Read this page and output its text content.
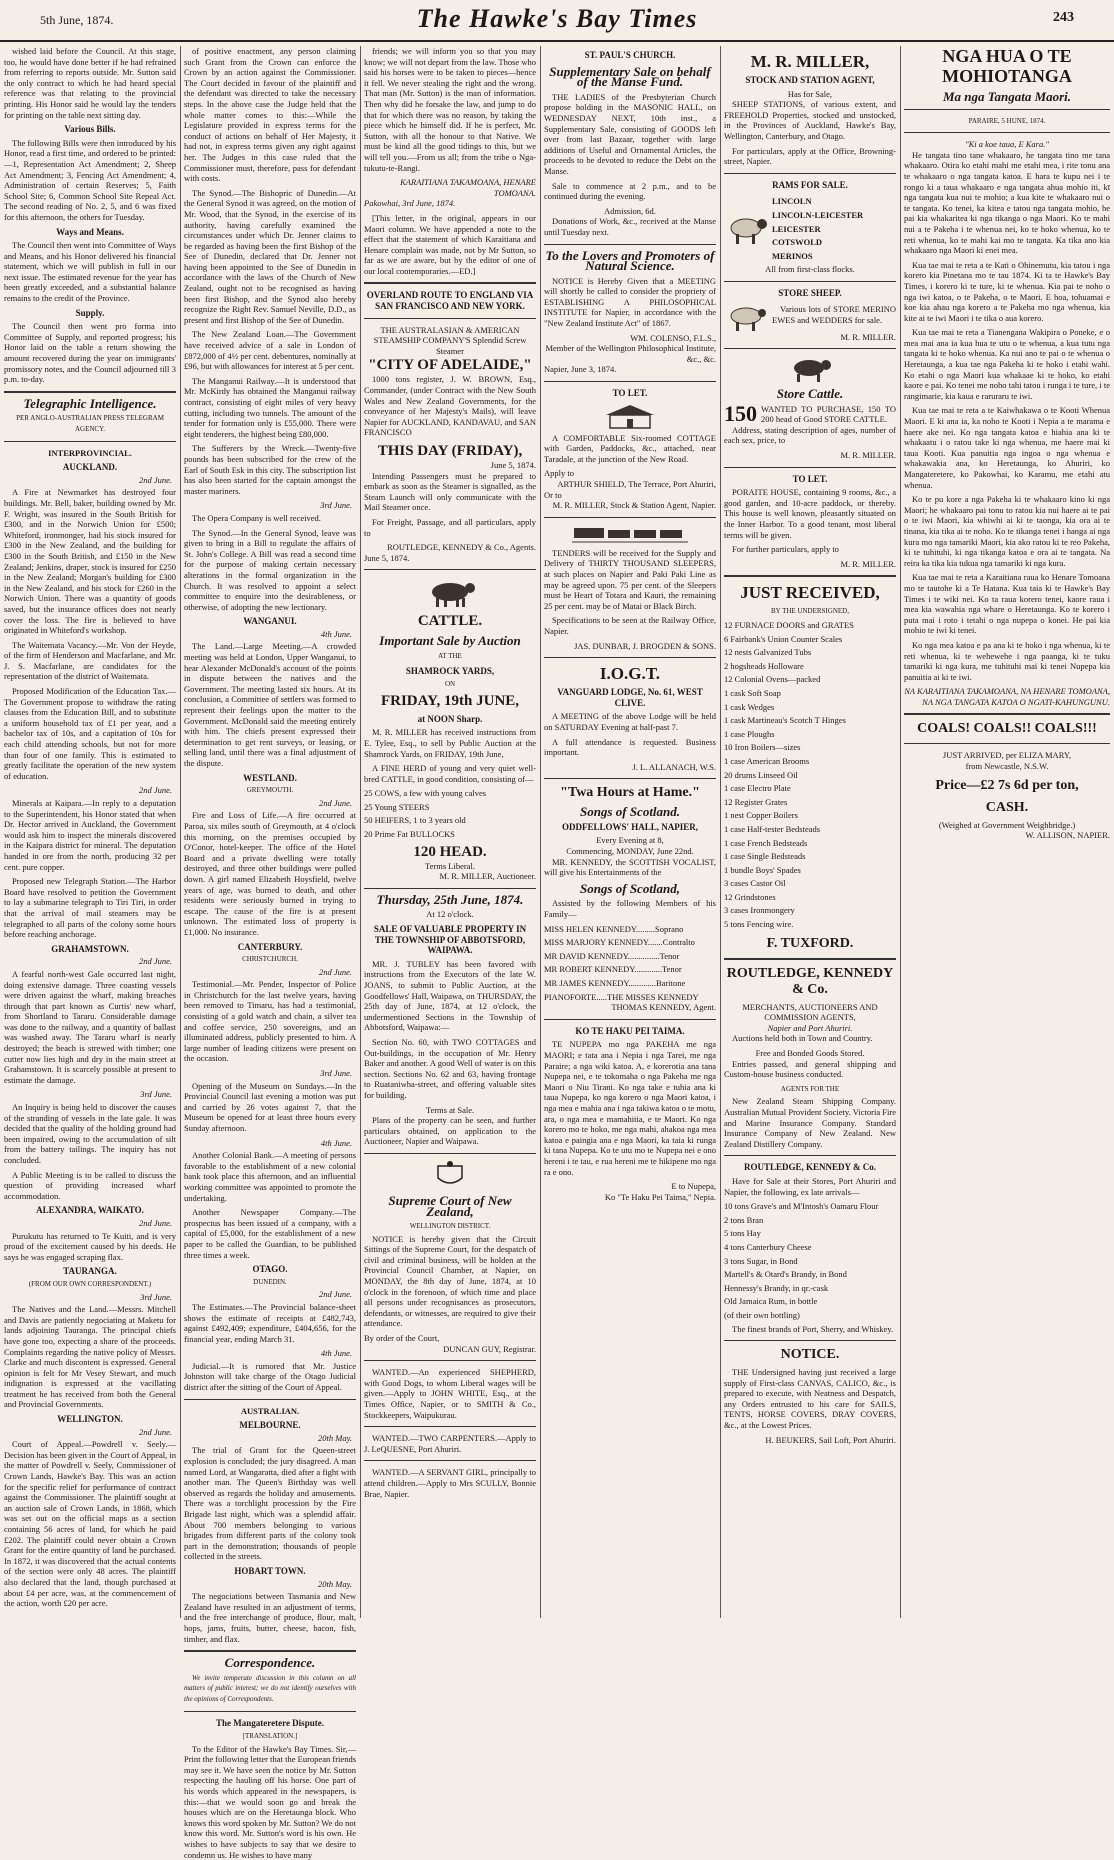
5th June, 1874.	The Hawke's Bay Times	243

wished laid before the Council. At this stage, too, he would have done better if he had refrained from referring to reports outside. Mr. Sutton said the only contract to which he had heard special reference was that relating to the provincial printing. His Honor said he would lay the tenders for printing on the table next sitting day.

Various Bills.

The following Bills were then introduced by his Honor, read a first time, and ordered to be printed:—1, Representation Act Amendment; 2, Sheep Act Amendment; 3, Fencing Act Amendment; 4, Administration of certain Reserves; 5, Faith School Site; 6, Common School Site Repeal Act. The second reading of No. 2, 5, and 6 was fixed for this afternoon, the others for Tuesday.

Ways and Means.

The Council then went into Committee of Ways and Means, and his Honor delivered his financial statement, which we will publish in full in our next issue. The estimated revenue for the year has been greatly exceeded, and a substantial balance remains to the credit of the Province.

Supply.

The Council then went pro forma into Committee of Supply, and reported progress; his Honor laid on the table a return showing the amount recovered during the year on immigrants' promissory notes, and the Council adjourned till 3 p.m. to-day.

Telegraphic Intelligence.
PER ANGLO-AUSTRALIAN PRESS TELEGRAM AGENCY.
INTERPROVINCIAL.
AUCKLAND.
2nd June.

A Fire at Newmarket has destroyed four buildings. Mr. Bell, baker, building owned by Mr. F. Wright, was insured in the South British for £300, and in the Norwich Union for £500; Whiteford, ironmonger, had his stock insured for £300 in the New Zealand, and the building for £300 in the South British, and £150 in the New Zealand; Jenkins, draper, stock is insured for £250 in the New Zealand; Morgan's building for £300 in the New Zealand, and his stock for £260 in the Norwich Union. There was a quantity of goods saved, but the insurance offices does not nearly cover the loss. The fire is believed to have originated in Whiteford's workshop.

The Waitemata Vacancy.—Mr. Von der Heyde, of the firm of Henderson and Macfarlane, and Mr. J. S. Macfarlane, are candidates for the representation of the district of Waitemata.

Proposed Modification of the Education Tax.—The Government propose to withdraw the rating clauses from the Education Bill, and to substitute a uniform household tax of £1 per year, and a bachelor tax of 10s, and a capitation of 10s for each child attending schools, but not for more than four of one family. This is estimated to greatly facilitate the operation of the new system of education.

2nd June.

Minerals at Kaipara.—In reply to a deputation to the Superintendent, his Honor stated that when Dr. Hector arrived in Auckland, the Government would ask him to inspect the minerals discovered in the Kaipara district for mineral. The deputation handed in ore from the north, producing 32 per cent. pure copper.

Proposed new Telegraph Station.—The Harbor Board have resolved to petition the Government to lay a submarine telegraph to Tiri Tiri, in order that the arrival of mail steamers may be telegraphed to all parts of the colony some hours before reaching anchorage.

GRAHAMSTOWN.
2nd June.

A fearful north-west Gale occurred last night, doing extensive damage. Three coasting vessels were driven against the wharf, making breaches through that part known as Curtis' new wharf, from Shortland to Tararu. Considerable damage was done to the railway, and a quantity of ballast was washed away. The Tararu wharf is nearly destroyed; the beach is strewed with timber; one cutter now lies high and dry in the main street at Grahamstown. It is scarcely possible at present to estimate the damage.

3rd June.

An Inquiry is being held to discover the causes of the stranding of vessels in the late gale. It was decided that the quality of the holding ground had been impaired, owing to the accumulation of silt from the battery tailings. The inquiry has not concluded.

A Public Meeting is to be called to discuss the question of providing increased wharf accommodation.

ALEXANDRA, WAIKATO.
2nd June.

Purukutu has returned to Te Kuiti, and is very proud of the excitement caused by his deeds. He says he was engaged scraping flax.

TAURANGA.
(FROM OUR OWN CORRESPONDENT.)
3rd June.

The Natives and the Land.—Messrs. Mitchell and Davis are patiently negociating at Maketu for lands adjoining Tauranga. The principal chiefs have gone too, expecting a share of the proceeds. Complaints regarding the native policy of Messrs. Clarke and much discontent is expressed. General opinion is felt for Mr Vesey Stewart, and much indignation is expressed at the vacillating treatment he has received from both the General and Provincial Governments.

WELLINGTON.
2nd June.

Court of Appeal.—Powdrell v. Seely.—Decision has been given in the Court of Appeal, in the matter of Powdrell v. Seely, Commissioner of Crown Lands, Hawke's Bay. This was an action for the specific relief for performance of contract against the Commissioner. The plaintiff sought at an auction sale of Crown Lands, in 1868, which was set out on the official maps as a section containing 56 acres of land, for which he paid £202. The plaintiff could never obtain a Crown Grant for the entire quantity of land he purchased. In 1872, it was discovered that the actual contents of the section were only 48 acres. The plaintiff also declared that the land, though purchased at about £4 per acre, was, at the commencement of the action, worth £20 per acre.

of positive enactment, any person claiming such Grant from the Crown can enforce the Crown by an action against the Commissioner. The Court decided in favour of the plaintiff and the defendant was directed to take the necessary steps. In the above case the Judge held that the whole matter comes to this:—While the Legislature provided in express terms for the conduct of actions on behalf of Her Majesty, it had not, in express terms given any right against her. The Judges in this case ruled that the Commissioner must, therefore, pass for defendant with costs.

The Synod.—The Bishopric of Dunedin.—At the General Synod it was agreed, on the motion of Mr. Wood, that the Synod, in the exercise of its authority, having carefully examined the circumstances under which Dr. Jenner claims to be regarded as having been the first Bishop of the See of Dunedin, declared that Dr. Jenner not having been appointed to the See of Dunedin in accordance with the laws of the Church of New Zealand, ought not to be recognised as having been first Bishop, and the Synod also hereby recognize the Right Rev. Samuel Neville, D.D., as present and first Bishop of the See of Dunedin.

The New Zealand Loan.—The Government have received advice of a sale in London of £872,000 of 4½ per cent. debentures, nominally at £96, but with allowances for interest at 5 per cent.

The Manganui Railway.—It is understood that Mr. McKirdy has obtained the Manganui railway contract, consisting of eight miles of very heavy cutting, including two tunnels. The amount of the tender for formation only is £55,000. There were eight tenderers, the highest being £80,000.

The Sufferers by the Wreck.—Twenty-five pounds has been subscribed for the crew of the Earl of South Esk in this city. The subscription list has also been started for the captain amongst the master mariners.

3rd June.

The Opera Company is well received.

The Synod.—In the General Synod, leave was given to bring in a Bill to regulate the affairs of St. John's College. A Bill was read a second time for the purpose of making certain necessary alterations in the formal organization in the Church. It was resolved to appoint a select committee to enquire into the desirableness, or otherwise, of adopting the new lectionary.

WANGANUI.
4th June.

The Land.—Large Meeting.—A crowded meeting was held at London, Upper Wanganui, to hear Alexander McDonald's account of the points in dispute between the natives and the Government. The meeting lasted six hours. At its conclusion, a Committee of settlers was formed to represent their feelings upon the matter to the Government. McDonald said the meeting entirely with him. The chiefs present expressed their determination to get rent surveys, or leasing, or selling land, until there was a final adjustment of the dispute.

WESTLAND.
GREYMOUTH.
2nd June.

Fire and Loss of Life.—A fire occurred at Paroa, six miles south of Greymouth, at 4 o'clock this morning, on the premises occupied by O'Conor, hotel-keeper. The office of the Hotel Board and a private dwelling were totally destroyed, and three other buildings were pulled down. A girl named Elizabeth Hoysfield, twelve years of age, was burned to death, and other residents were seriously burned in trying to escape. The cause of the fire is at present unknown. The estimated loss of property is £1,000. No insurance.

CANTERBURY.
CHRISTCHURCH.
2nd June.

Testimonial.—Mr. Pender, Inspector of Police in Christchurch for the last twelve years, having been removed to Timaru, has had a testimonial, consisting of a gold watch and chain, a silver tea and coffee service, 250 sovereigns, and an illuminated address, publicly presented to him. A large number of leading citizens were present on the occasion.

3rd June.

Opening of the Museum on Sundays.—In the Provincial Council last evening a motion was put and carried by 26 votes against 7, that the Museum be opened for at least three hours every Sunday afternoon.

4th June.

Another Colonial Bank.—A meeting of persons favorable to the establishment of a new colonial bank took place this afternoon, and an influential working committee was appointed to promote the undertaking.

Another Newspaper Company.—The prospectus has been issued of a company, with a capital of £5,000, for the establishment of a new paper to be called the Guardian, to be published three times a week.

OTAGO.
DUNEDIN.
2nd June.

The Estimates.—The Provincial balance-sheet shows the estimate of receipts at £482,743, against £492,409; expenditure, £404,656, for the financial year, ending March 31.

4th June.

Judicial.—It is rumored that Mr. Justice Johnston will take charge of the Otago Judicial district after the sitting of the Court of Appeal.

AUSTRALIAN.
MELBOURNE.
20th May.

The trial of Grant for the Queen-street explosion is concluded; the jury disagreed. A man named Lord, at Wangaratta, died after a fight with another man. The Queen's Birthday was well observed as regards the holiday and amusements. There was a torchlight procession by the Fire Brigade last night, which was a splendid affair. About 700 members belonging to various brigades from different parts of the colony took part in the demonstration; thousands of people collected in the streets.

HOBART TOWN.
20th May.

The negociations between Tasmania and New Zealand have resulted in an adjustment of terms, and the free interchange of produce, flour, malt, hops, jams, fruits, butter, cheese, bacon, fish, timber, and flax.

Correspondence.

We invite temperate discussion in this column on all matters of public interest; we do not identify ourselves with the opinions of Correspondents.

The Mangateretere Dispute.
[TRANSLATION.]

To the Editor of the Hawke's Bay Times. Sir,—Print the following letter that the European friends may see it. We have seen the notice by Mr. Sutton respecting the hauling off his horse. One part of his words which appeared in the newspapers, is this:—that we would soon go and break the houses which are on the Heretaunga block. Who knows this word spoken by Mr. Sutton? We do not know this word. Mr. Sutton's word is his own. He wishes to have subjects to say that we desire to condemn us. He wishes to have many

friends; we will inform you so that you may know; we will not depart from the law. Those who said his horses were to be taken to pieces—hence it fell. We never stealing the right and the wrong. That man (Mr. Sutton) is the man of information. Then why did he forsake the law, and jump to do that for which there was no reason, by taking the piece which he himself did. If he is perfect, Mr. Sutton, with all the honour to that Native. We must be kind all the good tidings to this, but we will tell you.—From us all; from the tribe o Nga-tukutu-te-Rangi.

KARAITIANA TAKAMOANA, HENARE TOMOANA.
Pakowhai, 3rd June, 1874.

[This letter, in the original, appears in our Maori column. We have appended a note to the effect that the statement of which Karaitiana and Henare complain was made, not by Mr Sutton, so far as we are aware, but by the editor of one of our local contemporaries.—ED.]

OVERLAND ROUTE TO ENGLAND VIA SAN FRANCISCO AND NEW YORK.
THE AUSTRALASIAN & AMERICAN STEAMSHIP COMPANY'S Splendid Screw Steamer
"CITY OF ADELAIDE,"

1000 tons register, J. W. BROWN, Esq., Commander, (under Contract with the New South Wales and New Zealand Governments, for the conveyance of her Majesty's Mails), will leave Napier for AUCKLAND, KANDAVAU, and SAN FRANCISCO

THIS DAY (FRIDAY),
June 5, 1874.

Intending Passengers must be prepared to embark as soon as the Steamer is signalled, as the Steam Launch will only communicate with the Mail Steamer once.

For Freight, Passage, and all particulars, apply to

ROUTLEDGE, KENNEDY & Co., Agents.
June 5, 1874.
CATTLE.
Important Sale by Auction
AT THE
SHAMROCK YARDS,
ON
FRIDAY, 19th JUNE,
at NOON Sharp.

M. R. MILLER has received instructions from E. Tylee, Esq., to sell by Public Auction at the Shamrock Yards, on FRIDAY, 19th June,

A FINE HERD of young and very quiet well-bred CATTLE, in good condition, consisting of—

25 COWS, a few with young calves
25 Young STEERS
50 HEIFERS, 1 to 3 years old
20 Prime Fat BULLOCKS
120 HEAD.
Terms Liberal.
M. R. MILLER, Auctioneer.
Thursday, 25th June, 1874.
At 12 o'clock.
SALE OF VALUABLE PROPERTY IN THE TOWNSHIP OF ABBOTSFORD, WAIPAWA.

MR. J. TUBLEY has been favored with instructions from the Executors of the late W. JOANS, to submit to Public Auction, at the Goodfellows' Hall, Waipawa, on THURSDAY, the 25th day of June, 1874, at 12 o'clock, the undermentioned Sections in the Township of Abbotsford, Waipawa:—

Section No. 60, with TWO COTTAGES and Out-buildings, in the occupation of Mr. Henry Baker and another. A good Well of water is on this section. Sections No. 62 and 63, having frontage to Ruataniwha-street, and offering valuable sites for building.

Terms at Sale.

Plans of the property can be seen, and further particulars obtained, on application to the Auctioneer, Napier and Waipawa.

Supreme Court of New Zealand,
WELLINGTON DISTRICT.

NOTICE is hereby given that the Circuit Sittings of the Supreme Court, for the despatch of civil and criminal business, will be holden at the Provincial Council Chamber, at Napier, on MONDAY, the 8th day of June, 1874, at 10 o'clock in the forenoon, of which time and place all persons under recognisances as prosecutors, defendants, or witnesses, are required to give their attendance.

By order of the Court,
DUNCAN GUY, Registrar.

WANTED.—An experienced SHEPHERD, with Good Dogs, to whom Liberal wages will be given.—Apply to JOHN WHITE, Esq., at the Times Office, Napier, or to SMITH & Co., Stockkeepers, Waipukurau.

WANTED.—TWO CARPENTERS.—Apply to J. LeQUESNE, Port Ahuriri.

WANTED.—A SERVANT GIRL, principally to attend children.—Apply to Mrs SCULLY, Bonnie Brae, Napier.

ST. PAUL'S CHURCH.
Supplementary Sale on behalf of the Manse Fund.

THE LADIES of the Presbyterian Church propose holding in the MASONIC HALL, on WEDNESDAY NEXT, 10th inst., a Supplementary Sale, consisting of GOODS left over from last Bazaar, together with large additions of Useful and Ornamental Articles, the proceeds to be devoted to reduce the Debt on the Manse.

Sale to commence at 2 p.m., and to be continued during the evening.

Admission, 6d.

Donations of Work, &c., received at the Manse until Tuesday next.

To the Lovers and Promoters of Natural Science.

NOTICE is Hereby Given that a MEETING will shortly be called to consider the propriety of ESTABLISHING A PHILOSOPHICAL INSTITUTE for Napier, in accordance with the "New Zealand Institute Act" of 1867.

WM. COLENSO, F.L.S.,
Member of the Wellington Philosophical Institute, &c., &c.
Napier, June 3, 1874.
TO LET.

A COMFORTABLE Six-roomed COTTAGE with Garden, Paddocks, &c., attached, near Taradale, at the junction of the New Road.

Apply to
ARTHUR SHIELD, The Terrace, Port Ahuriri,
Or to
M. R. MILLER, Stock & Station Agent, Napier.

TENDERS will be received for the Supply and Delivery of THIRTY THOUSAND SLEEPERS, at such places on Napier and Paki Paki Line as may be agreed upon. 75 per cent. of the Sleepers must be Heart of Totara and Kauri, the remaining 25 per cent. may be of Matai or Black Birch.

Specifications to be seen at the Railway Office, Napier.

JAS. DUNBAR, J. BROGDEN & SONS.
I.O.G.T.
VANGUARD LODGE, No. 61, WEST CLIVE.

A MEETING of the above Lodge will be held on SATURDAY Evening at half-past 7.

A full attendance is requested. Business important.

J. L. ALLANACH, W.S.
"Twa Hours at Hame."
Songs of Scotland.
ODDFELLOWS' HALL, NAPIER,
Every Evening at 8,
Commencing, MONDAY, June 22nd.

MR. KENNEDY, the SCOTTISH VOCALIST, will give his Entertainments of the

Songs of Scotland,

Assisted by the following Members of his Family—

MISS HELEN KENNEDY.........Soprano
MISS MARJORY KENNEDY.......Contralto
MR DAVID KENNEDY...............Tenor
MR ROBERT KENNEDY.............Tenor
MR JAMES KENNEDY.............Baritone
PIANOFORTE.....THE MISSES KENNEDY
THOMAS KENNEDY, Agent.
KO TE HAKU PEI TAIMA.

TE NUPEPA mo nga PAKEHA me nga MAORI; e tata ana i Nepia i nga Tarei, me nga Paraire; a nga wiki katoa. A, e korerotia ana tana Nupepa nei, e te tokomaha o nga Pakeha me nga Maori o Niu Tirani. Ko nga take e tuhia ana ki taua Nupepa, ko nga korero o nga Maori katoa, i nga mea e mahia ana i nga takiwa katoa o te motu, ara, o nga mea e mamahitia, e te Maori. Ko nga korero mo te hoko, me nga mahi, ahakoa nga mea katoa e paingia ana e nga Maori, ka taia ki runga ki tana Nupepa. Ko te utu mo te Nupepa nei e ono hereni i te tau, e rua hereni me te hikipene mo nga ra e ono.

E to Nupepa,
Ko "Te Haku Pei Taima," Nepia.
M. R. MILLER,
STOCK AND STATION AGENT,
Has for Sale,

SHEEP STATIONS, of various extent, and FREEHOLD Properties, stocked and unstocked, in the Provinces of Auckland, Hawke's Bay, Wellington, Canterbury, and Otago.

For particulars, apply at the Office, Browning-street, Napier.

RAMS FOR SALE.
LINCOLN
LINCOLN-LEICESTER
LEICESTER
COTSWOLD
MERINOS
All from first-class flocks.
STORE SHEEP.

Various lots of STORE MERINO EWES and WEDDERS for sale.

M. R. MILLER.
Store Cattle.
150 WANTED TO PURCHASE, 150 TO 200 head of Good STORE CATTLE.

Address, stating description of ages, number of each sex, price, to

M. R. MILLER.
TO LET.

PORAITE HOUSE, containing 9 rooms, &c., a good garden, and 10-acre paddock, or thereby. This house is well known, pleasantly situated on the Inner Harbor. To a good tenant, most liberal terms will be given.

For further particulars, apply to

M. R. MILLER.
JUST RECEIVED,
BY THE UNDERSIGNED,
12 FURNACE DOORS and GRATES
6 Fairbank's Union Counter Scales
12 nests Galvanized Tubs
2 hogsheads Holloware
12 Colonial Ovens—packed
1 cask Soft Soap
1 cask Wedges
1 cask Martineau's Scotch T Hinges
1 case Ploughs
10 Iron Boilers—sizes
1 case American Brooms
20 drums Linseed Oil
1 case Electro Plate
12 Register Grates
1 nest Copper Boilers
1 case Half-tester Bedsteads
1 case French Bedsteads
1 case Single Bedsteads
1 bundle Boys' Spades
3 cases Castor Oil
12 Grindstones
3 cases Ironmongery
5 tons Fencing wire.
F. TUXFORD.
ROUTLEDGE, KENNEDY & Co.
MERCHANTS, AUCTIONEERS AND COMMISSION AGENTS,
Napier and Port Ahuriri.

Auctions held both in Town and Country.

Free and Bonded Goods Stored.

Entries passed, and general shipping and Custom-house business conducted.

AGENTS FOR THE

New Zealand Steam Shipping Company. Australian Mutual Provident Society. Victoria Fire and Marine Insurance Company. Standard Insurance Company of New Zealand. New Zealand Distillery Company.

ROUTLEDGE, KENNEDY & Co.

Have for Sale at their Stores, Port Ahuriri and Napier, the following, ex late arrivals—

10 tons Grave's and M'Intosh's Oamaru Flour
2 tons Bran
5 tons Hay
4 tons Canterbury Cheese
3 tons Sugar, in Bond
Martell's & Otard's Brandy, in Bond
Hennessy's Brandy, in qr.-cask
Old Jamaica Rum, in bottle
(of their own bottling)

The finest brands of Port, Sherry, and Whiskey.

NOTICE.

THE Undersigned having just received a large supply of First-class CANVAS, CALICO, &c., is prepared to execute, with Neatness and Despatch, any Orders entrusted to his care for SAILS, TENTS, HORSE COVERS, DRAY COVERS, &c., at the Lowest Prices.

H. BEUKERS, Sail Loft, Port Ahuriri.
NGA HUA O TE MOHIOTANGA
Ma nga Tangata Maori.
PARAIRE, 5 HUNE, 1874.
"Ki a koe taua, E Kara."

He tangata tino tane whakaaro, he tangata tino me tana whakaaro. Otira ko etahi mahi me etahi mea, i rite tonu ana te whakaaro o nga tangata katoa. E hara te kupu nei i te rongo ki a taua whakaaro e nga tangata ahua mohio iti, kī nga tangata kua nui te mohio; a kua kite te whakaaro nui o te tangata. Ko tenei, ka kitea e tatou nga tangata mohio, he pai kia whakaritea ki nga tikanga o nga Maori. Ko te mahi nui a te Pakeha i te whenua nei, ko te hoko whenua, ko te reti whenua, ko te mahi kai mo te tangata. Ka tika ano kia whakaaro nga Maori ki enei mea.

Kua tae mai te reta a te Kati o Ohinemutu, kia tatou i nga korero kia Pinetana mo te tau 1874. Ki ta te Hawke's Bay Times, i korero ki te ture, ki te whenua. Kia pai te noho o nga iwi katoa, o te Pakeha, o te Maori. E hoa, tohuamai e koe kia ahau nga korero a te Pakeha mo nga whenua, kia kite ai te iwi Maori i te tika o aua korero.

Kua tae mai te reta a Tianengana Wakipira o Poneke, e o mea mai ana ia kua hua te utu o te whenua, a kua tutu nga tangata ki te hoko whenua. Ka nui ano te pai o te whenua o Heretaunga, a kua tae nga Pakeha ki te hoko i etahi wahi. Ko etahi o nga Maori kua whakaae ki te hoko, ko etahi kaore e pai. Ko tenei me noho tahi tatou i runga i te ture, i te rangimarie, kia kaua e raruraru te iwi.

Kua tae mai te reta a te Kaiwhakawa o te Kooti Whenua Maori. E ki ana ia, ka noho te Kooti i Nepia a te marama e haere ake nei. Ko nga tangata katoa e hiahia ana ki te whakaatu i o ratou take ki nga whenua, me haere mai ki taua Kooti. Kua panuitia nga ingoa o nga whenua e whakawakia ana, ko Heretaunga, ko Ahuriri, ko Mangateretere, ko Pakowhai, ko Karamu, me etahi atu whenua.

Ko te pu kore a nga Pakeha ki te whakaaro kino ki nga Maori; he whakaaro pai tonu to ratou kia nui haere ai te pai o te iwi Maori, kia whiwhi ai ki te taonga, kia ora ai te tinana, kia tika ai te noho. Ko te tikanga tenei i hanga ai nga kura mo nga tamariki Maori, kia ako ratou ki te reo Pakeha, ki te tuhituhi, ki nga tikanga katoa e ora ai te tangata. Na reira ka tika kia tukua nga tamariki ki nga kura.

Kua tae mai te reta a Karaitiana raua ko Henare Tomoana mo te tautohe ki a Te Hatana. Kua taia ki te Hawke's Bay Times i te wiki nei. Ko ta raua korero tenei, kaore raua i mea kia wawahia nga whare o Heretaunga. Ko te korero i puta mai i roto i tetahi o nga nupepa o konei. He pai kia mohio te iwi ki tenei.

Ko nga mea katoa e pa ana ki te hoko i nga whenua, ki te reti whenua, ki te wehewehe i nga paanga, ki te tuku tamariki ki nga kura, me tuhituhi mai ki tenei Nupepa kia panuitia ai ki te iwi.

NA KARAITIANA TAKAMOANA, NA HENARE TOMOANA, NA NGA TANGATA KATOA O NGATI-KAHUNGUNU.
COALS! COALS!! COALS!!!
JUST ARRIVED, per ELIZA MARY,
from Newcastle, N.S.W.
Price—£2 7s 6d per ton,
CASH.
(Weighed at Government Weighbridge.)
W. ALLISON, NAPIER.
